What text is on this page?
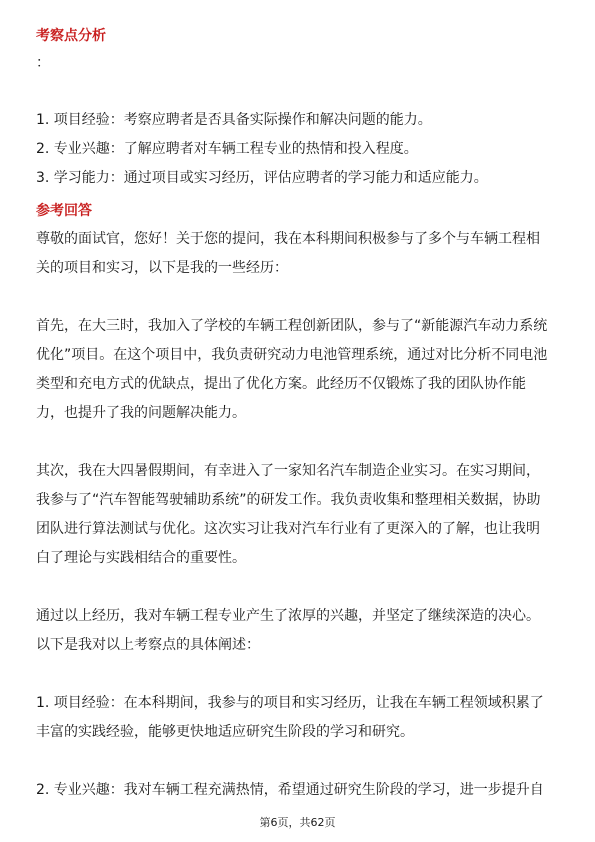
考察点分析
：
1. 项目经验：考察应聘者是否具备实际操作和解决问题的能力。
2. 专业兴趣：了解应聘者对车辆工程专业的热情和投入程度。
3. 学习能力：通过项目或实习经历，评估应聘者的学习能力和适应能力。
参考回答
尊敬的面试官，您好！关于您的提问，我在本科期间积极参与了多个与车辆工程相
关的项目和实习，以下是我的一些经历：
首先，在大三时，我加入了学校的车辆工程创新团队，参与了“新能源汽车动力系统
优化”项目。在这个项目中，我负责研究动力电池管理系统，通过对比分析不同电池
类型和充电方式的优缺点，提出了优化方案。此经历不仅锻炼了我的团队协作能
力，也提升了我的问题解决能力。
其次，我在大四暑假期间，有幸进入了一家知名汽车制造企业实习。在实习期间，
我参与了“汽车智能驾驶辅助系统”的研发工作。我负责收集和整理相关数据，协助
团队进行算法测试与优化。这次实习让我对汽车行业有了更深入的了解，也让我明
白了理论与实践相结合的重要性。
通过以上经历，我对车辆工程专业产生了浓厚的兴趣，并坚定了继续深造的决心。
以下是我对以上考察点的具体阐述：
1. 项目经验：在本科期间，我参与的项目和实习经历，让我在车辆工程领域积累了
丰富的实践经验，能够更快地适应研究生阶段的学习和研究。
2. 专业兴趣：我对车辆工程充满热情，希望通过研究生阶段的学习，进一步提升自
第6页，共62页
